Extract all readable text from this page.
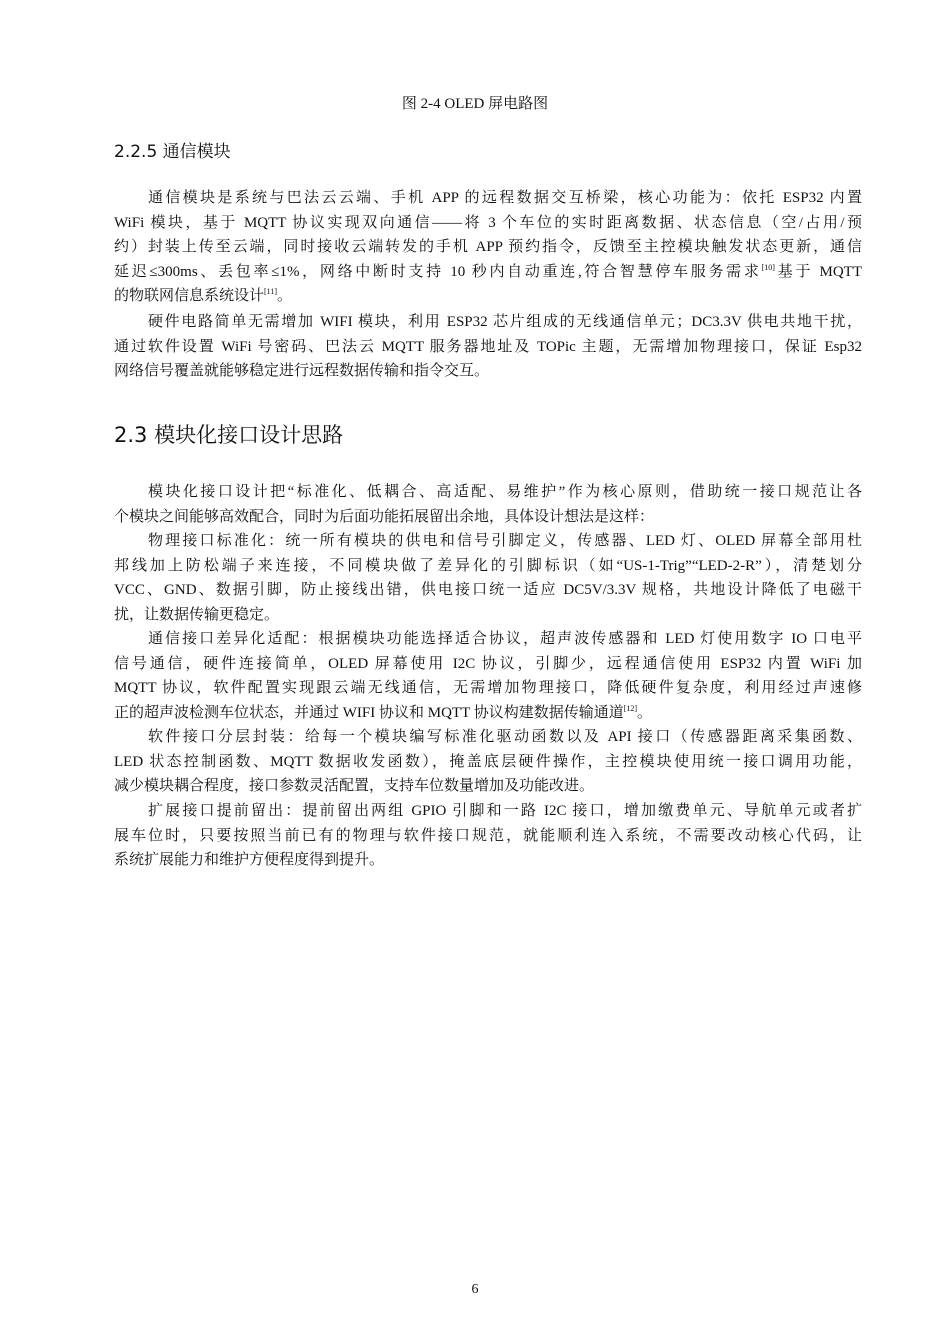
图 2-4 OLED 屏电路图
2.2.5 通信模块
通信模块是系统与巴法云云端、手机 APP 的远程数据交互桥梁，核心功能为：依托 ESP32 内置
WiFi 模块，基于 MQTT 协议实现双向通信——将 3 个车位的实时距离数据、状态信息（空/占用/预
约）封装上传至云端，同时接收云端转发的手机 APP 预约指令，反馈至主控模块触发状态更新，通信
延迟≤300ms、丢包率≤1%，网络中断时支持 10 秒内自动重连,符合智慧停车服务需求[10]基于 MQTT
的物联网信息系统设计[11]。
硬件电路简单无需增加 WIFI 模块，利用 ESP32 芯片组成的无线通信单元；DC3.3V 供电共地干扰，
通过软件设置 WiFi 号密码、巴法云 MQTT 服务器地址及 TOPic 主题，无需增加物理接口，保证 Esp32
网络信号覆盖就能够稳定进行远程数据传输和指令交互。
2.3 模块化接口设计思路
模块化接口设计把“标准化、低耦合、高适配、易维护”作为核心原则，借助统一接口规范让各
个模块之间能够高效配合，同时为后面功能拓展留出余地，具体设计想法是这样：
物理接口标准化：统一所有模块的供电和信号引脚定义，传感器、LED 灯、OLED 屏幕全部用杜
邦线加上防松端子来连接，不同模块做了差异化的引脚标识（如“US-1-Trig”“LED-2-R”），清楚划分
VCC、GND、数据引脚，防止接线出错，供电接口统一适应 DC5V/3.3V 规格，共地设计降低了电磁干
扰，让数据传输更稳定。
通信接口差异化适配：根据模块功能选择适合协议，超声波传感器和 LED 灯使用数字 IO 口电平
信号通信，硬件连接简单，OLED 屏幕使用 I2C 协议，引脚少，远程通信使用 ESP32 内置 WiFi 加
MQTT 协议，软件配置实现跟云端无线通信，无需增加物理接口，降低硬件复杂度，利用经过声速修
正的超声波检测车位状态，并通过 WIFI 协议和 MQTT 协议构建数据传输通道[12]。
软件接口分层封装：给每一个模块编写标准化驱动函数以及 API 接口（传感器距离采集函数、
LED 状态控制函数、MQTT 数据收发函数），掩盖底层硬件操作，主控模块使用统一接口调用功能，
减少模块耦合程度，接口参数灵活配置，支持车位数量增加及功能改进。
扩展接口提前留出：提前留出两组 GPIO 引脚和一路 I2C 接口，增加缴费单元、导航单元或者扩
展车位时，只要按照当前已有的物理与软件接口规范，就能顺利连入系统，不需要改动核心代码，让
系统扩展能力和维护方便程度得到提升。
6
